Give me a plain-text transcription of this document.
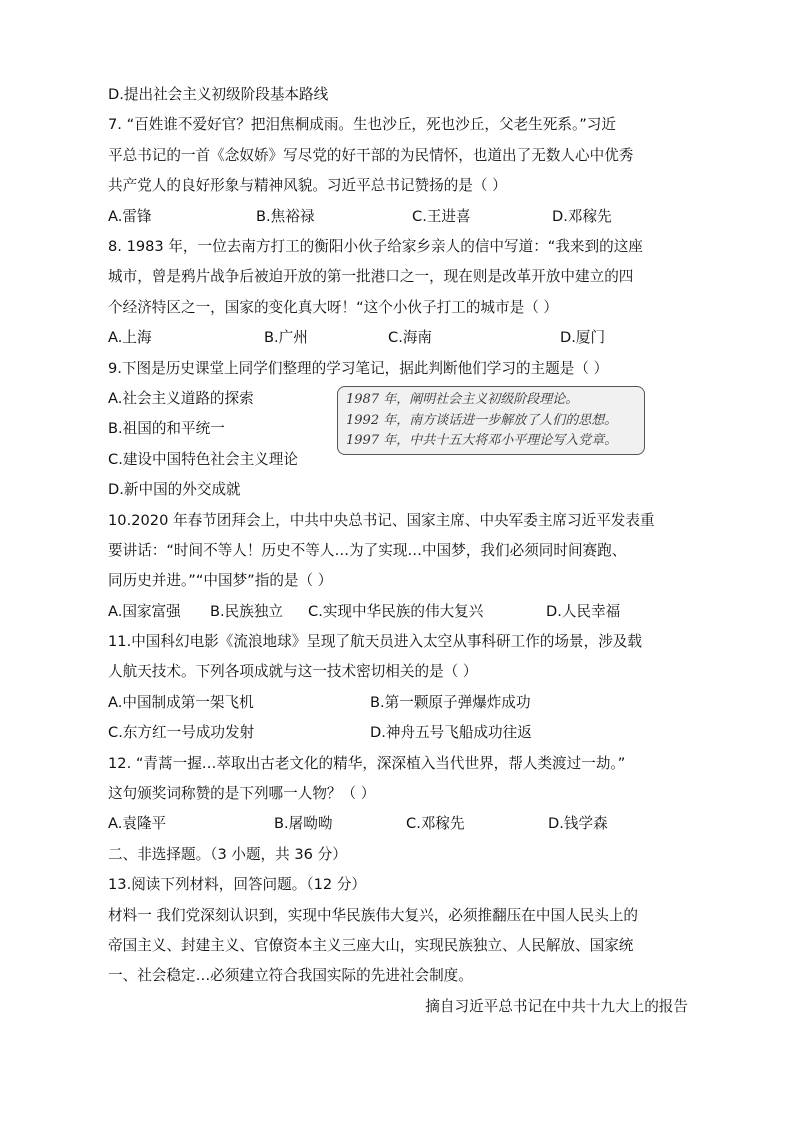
D.提出社会主义初级阶段基本路线
7. “百姓谁不爱好官？把泪焦桐成雨。生也沙丘，死也沙丘，父老生死系。”习近
平总书记的一首《念奴娇》写尽党的好干部的为民情怀，也道出了无数人心中优秀
共产党人的良好形象与精神风貌。习近平总书记赞扬的是（ ）
A.雷锋	B.焦裕禄	C.王进喜	D.邓稼先
8. 1983 年，一位去南方打工的衡阳小伙子给家乡亲人的信中写道：“我来到的这座
城市，曾是鸦片战争后被迫开放的第一批港口之一，现在则是改革开放中建立的四
个经济特区之一，国家的变化真大呀！“这个小伙子打工的城市是（ ）
A.上海	B.广州	C.海南	D.厦门
9.下图是历史课堂上同学们整理的学习笔记，据此判断他们学习的主题是（ ）
A.社会主义道路的探索
B.祖国的和平统一
C.建设中国特色社会主义理论
D.新中国的外交成就
1987 年，阐明社会主义初级阶段理论。
1992 年，南方谈话进一步解放了人们的思想。
1997 年，中共十五大将邓小平理论写入党章。
10.2020 年春节团拜会上，中共中央总书记、国家主席、中央军委主席习近平发表重
要讲话：“时间不等人！历史不等人…为了实现…中国梦，我们必须同时间赛跑、
同历史并进。”“中国梦”指的是（ ）
A.国家富强	B.民族独立	C.实现中华民族的伟大复兴	D.人民幸福
11.中国科幻电影《流浪地球》呈现了航天员进入太空从事科研工作的场景，涉及载
人航天技术。下列各项成就与这一技术密切相关的是（ ）
A.中国制成第一架飞机	B.第一颗原子弹爆炸成功
C.东方红一号成功发射	D.神舟五号飞船成功往返
12. “青蒿一握…萃取出古老文化的精华，深深植入当代世界，帮人类渡过一劫。”
这句颁奖词称赞的是下列哪一人物？（ ）
A.袁隆平	B.屠呦呦	C.邓稼先	D.钱学森
二、非选择题。（3 小题，共 36 分）
13.阅读下列材料，回答问题。（12 分）
材料一 我们党深刻认识到，实现中华民族伟大复兴，必须推翻压在中国人民头上的
帝国主义、封建主义、官僚资本主义三座大山，实现民族独立、人民解放、国家统
一、社会稳定…必须建立符合我国实际的先进社会制度。
摘自习近平总书记在中共十九大上的报告
